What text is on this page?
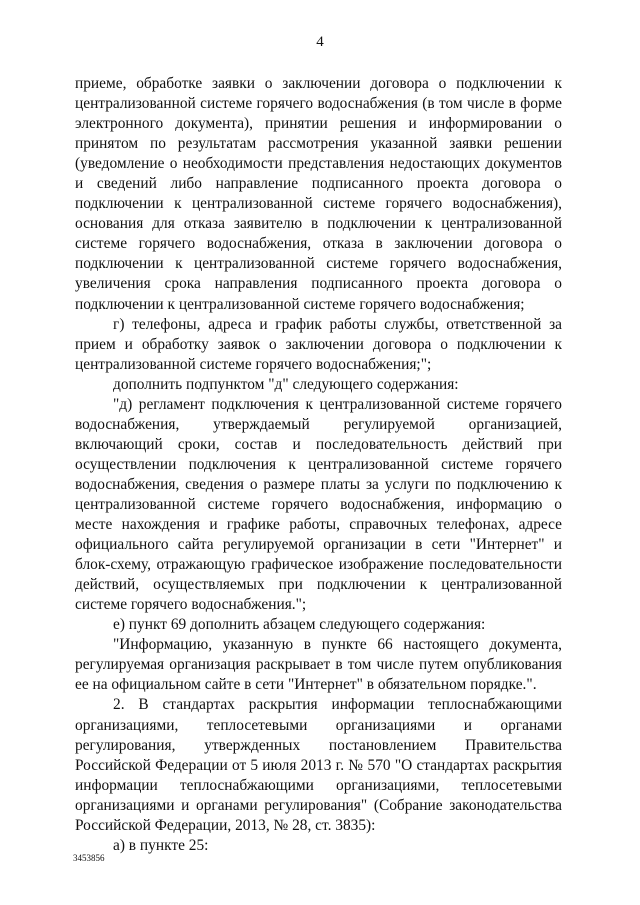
4

приеме, обработке заявки о заключении договора о подключении к централизованной системе горячего водоснабжения (в том числе в форме электронного документа), принятии решения и информировании о принятом по результатам рассмотрения указанной заявки решении (уведомление о необходимости представления недостающих документов и сведений либо направление подписанного проекта договора о подключении к централизованной системе горячего водоснабжения), основания для отказа заявителю в подключении к централизованной системе горячего водоснабжения, отказа в заключении договора о подключении к централизованной системе горячего водоснабжения, увеличения срока направления подписанного проекта договора о подключении к централизованной системе горячего водоснабжения;

г) телефоны, адреса и график работы службы, ответственной за прием и обработку заявок о заключении договора о подключении к централизованной системе горячего водоснабжения;";

дополнить подпунктом "д" следующего содержания:

"д) регламент подключения к централизованной системе горячего водоснабжения, утверждаемый регулируемой организацией, включающий сроки, состав и последовательность действий при осуществлении подключения к централизованной системе горячего водоснабжения, сведения о размере платы за услуги по подключению к централизованной системе горячего водоснабжения, информацию о месте нахождения и графике работы, справочных телефонах, адресе официального сайта регулируемой организации в сети "Интернет" и блок-схему, отражающую графическое изображение последовательности действий, осуществляемых при подключении к централизованной системе горячего водоснабжения.";

е) пункт 69 дополнить абзацем следующего содержания:

"Информацию, указанную в пункте 66 настоящего документа, регулируемая организация раскрывает в том числе путем опубликования ее на официальном сайте в сети "Интернет" в обязательном порядке.".

2. В стандартах раскрытия информации теплоснабжающими организациями, теплосетевыми организациями и органами регулирования, утвержденных постановлением Правительства Российской Федерации от 5 июля 2013 г. № 570 "О стандартах раскрытия информации теплоснабжающими организациями, теплосетевыми организациями и органами регулирования" (Собрание законодательства Российской Федерации, 2013, № 28, ст. 3835):

а) в пункте 25:

3453856
